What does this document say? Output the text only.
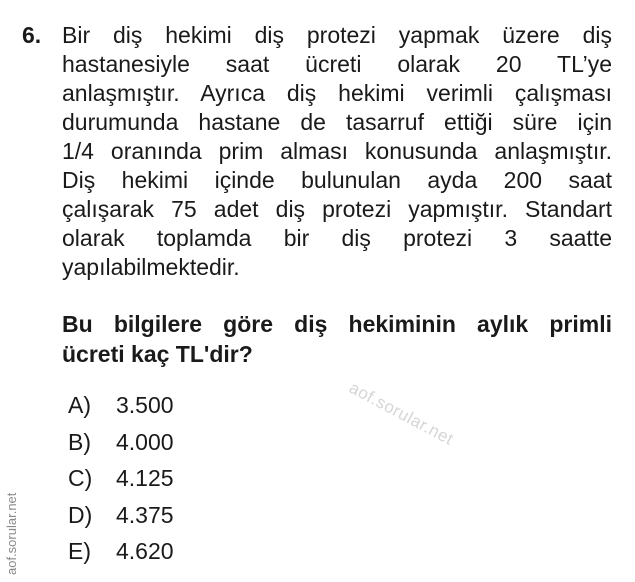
6. Bir diş hekimi diş protezi yapmak üzere diş
hastanesiyle saat ücreti olarak 20 TL’ye
anlaşmıştır. Ayrıca diş hekimi verimli çalışması
durumunda hastane de tasarruf ettiği süre için
1/4 oranında prim alması konusunda anlaşmıştır.
Diş hekimi içinde bulunulan ayda 200 saat
çalışarak 75 adet diş protezi yapmıştır. Standart
olarak toplamda bir diş protezi 3 saatte
yapılabilmektedir.
Bu bilgilere göre diş hekiminin aylık primli
ücreti kaç TL'dir?
aof.sorular.net
A)	3.500
B)	4.000
C)	4.125
D)	4.375
E)	4.620
aof.sorular.net
